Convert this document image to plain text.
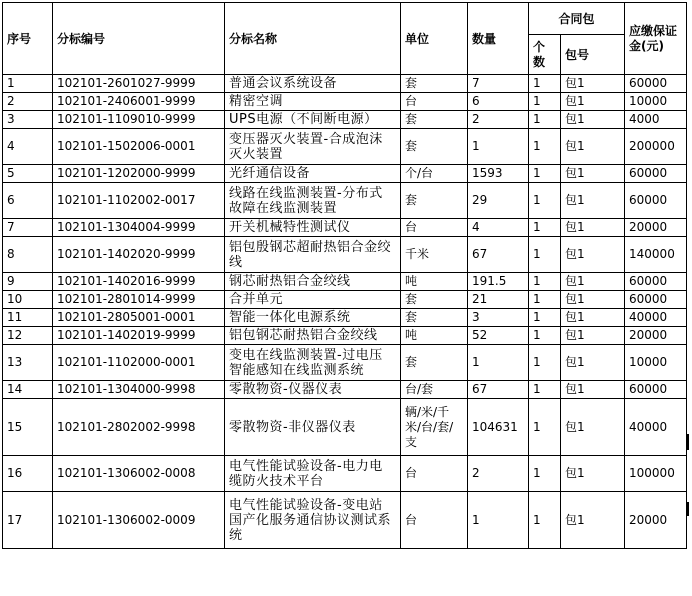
序号	分标编号	分标名称	单位	数量	合同包		应缴保证金(元)
					个数	包号	
1	102101-2601027-9999	普通会议系统设备	套	7	1	包1	60000
2	102101-2406001-9999	精密空调	台	6	1	包1	10000
3	102101-1109010-9999	UPS电源（不间断电源）	套	2	1	包1	4000
4	102101-1502006-0001	变压器灭火装置-合成泡沫灭火装置	套	1	1	包1	200000
5	102101-1202000-9999	光纤通信设备	个/台	1593	1	包1	60000
6	102101-1102002-0017	线路在线监测装置-分布式故障在线监测装置	套	29	1	包1	60000
7	102101-1304004-9999	开关机械特性测试仪	台	4	1	包1	20000
8	102101-1402020-9999	铝包殷钢芯超耐热铝合金绞线	千米	67	1	包1	140000
9	102101-1402016-9999	钢芯耐热铝合金绞线	吨	191.5	1	包1	60000
10	102101-2801014-9999	合并单元	套	21	1	包1	60000
11	102101-2805001-0001	智能一体化电源系统	套	3	1	包1	40000
12	102101-1402019-9999	铝包钢芯耐热铝合金绞线	吨	52	1	包1	20000
13	102101-1102000-0001	变电在线监测装置-过电压智能感知在线监测系统	套	1	1	包1	10000
14	102101-1304000-9998	零散物资-仪器仪表	台/套	67	1	包1	60000
15	102101-2802002-9998	零散物资-非仪器仪表	辆/米/千米/台/套/支	104631	1	包1	40000
16	102101-1306002-0008	电气性能试验设备-电力电缆防火技术平台	台	2	1	包1	100000
17	102101-1306002-0009	电气性能试验设备-变电站国产化服务通信协议测试系统	台	1	1	包1	20000
